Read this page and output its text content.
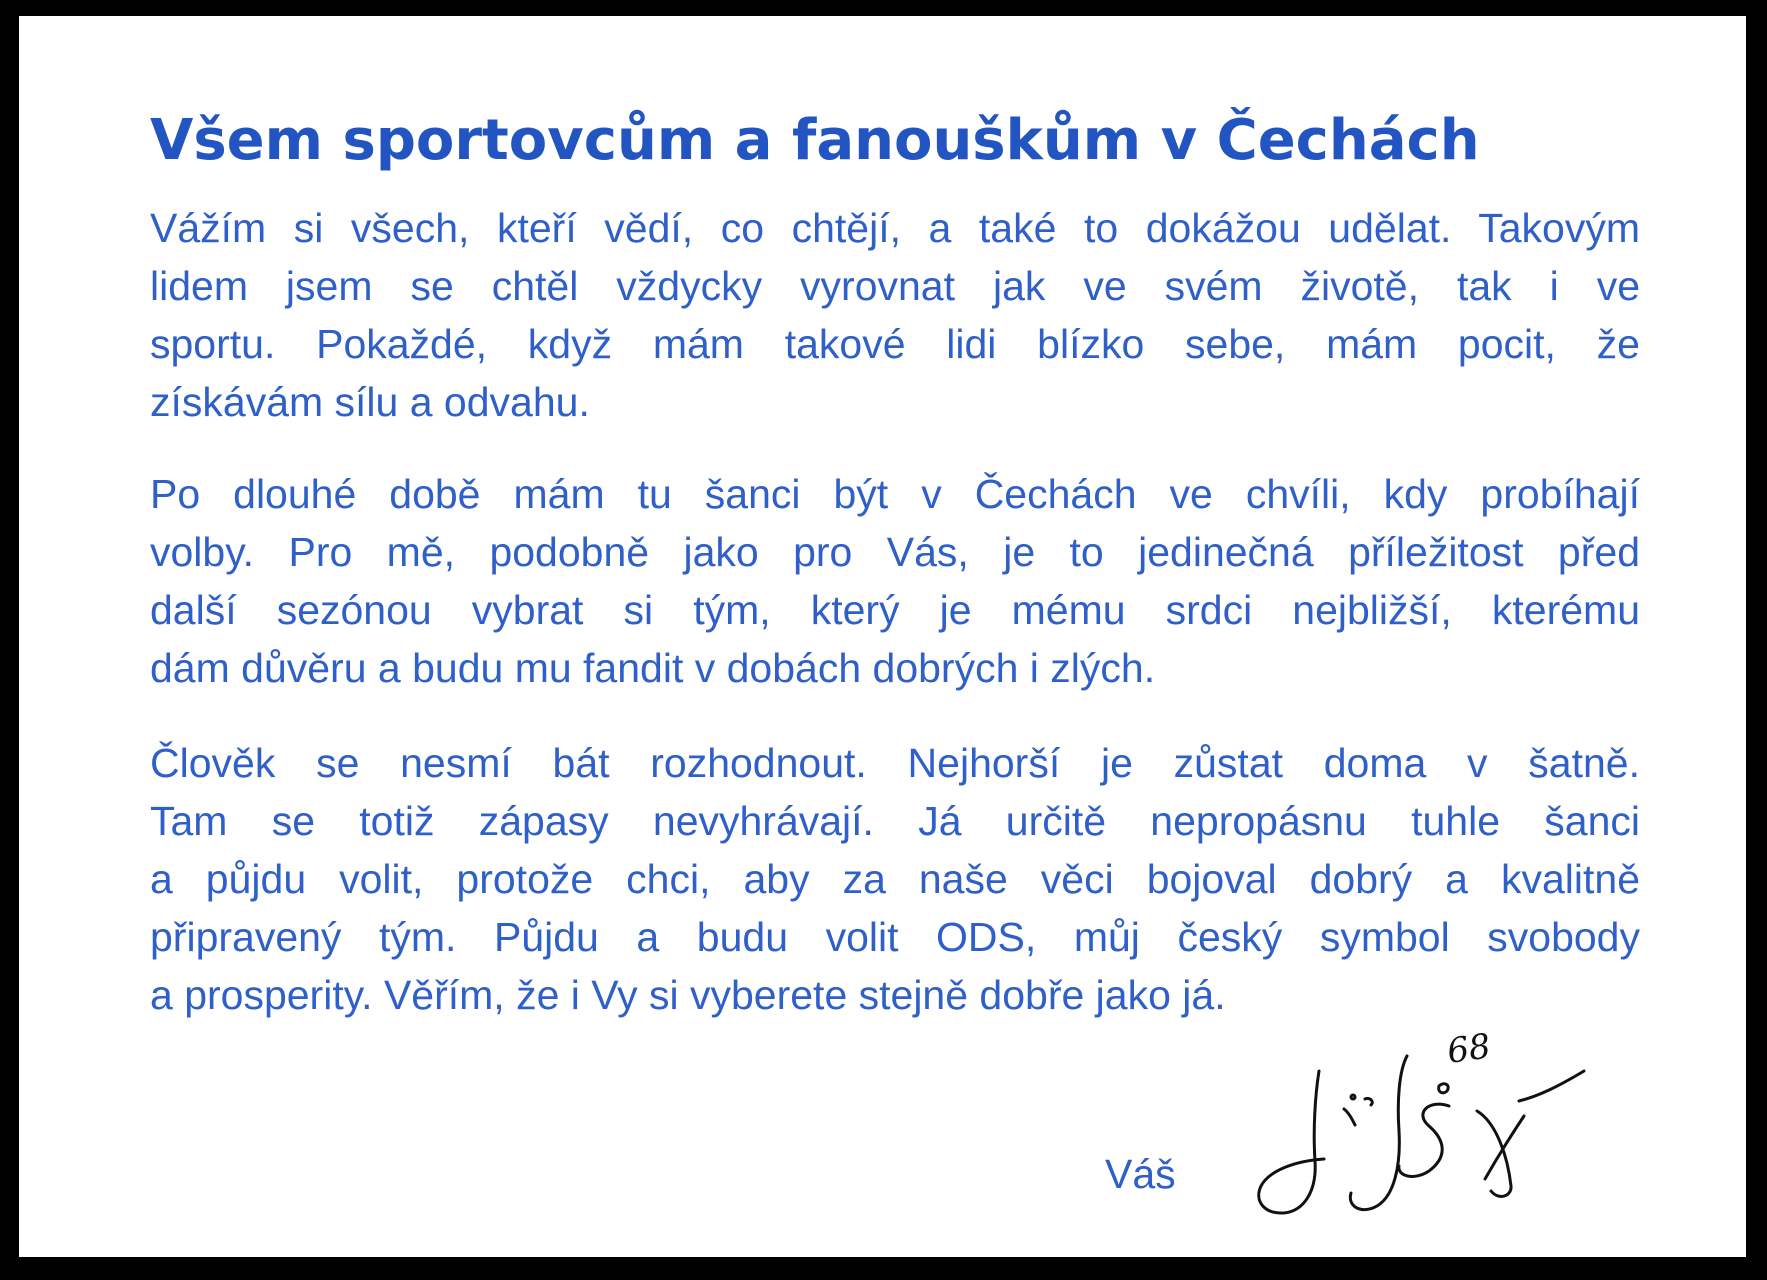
Všem sportovcům a fanouškům v Čechách

Vážím si všech, kteří vědí, co chtějí, a také to dokážou udělat. Takovým
lidem jsem se chtěl vždycky vyrovnat jak ve svém životě, tak i ve
sportu. Pokaždé, když mám takové lidi blízko sebe, mám pocit, že
získávám sílu a odvahu.

Po dlouhé době mám tu šanci být v Čechách ve chvíli, kdy probíhají
volby. Pro mě, podobně jako pro Vás, je to jedinečná příležitost před
další sezónou vybrat si tým, který je mému srdci nejbližší, kterému
dám důvěru a budu mu fandit v dobách dobrých i zlých.

Člověk se nesmí bát rozhodnout. Nejhorší je zůstat doma v šatně.
Tam se totiž zápasy nevyhrávají. Já určitě nepropásnu tuhle šanci
a půjdu volit, protože chci, aby za naše věci bojoval dobrý a kvalitně
připravený tým. Půjdu a budu volit ODS, můj český symbol svobody
a prosperity. Věřím, že i Vy si vyberete stejně dobře jako já.

Váš

68
